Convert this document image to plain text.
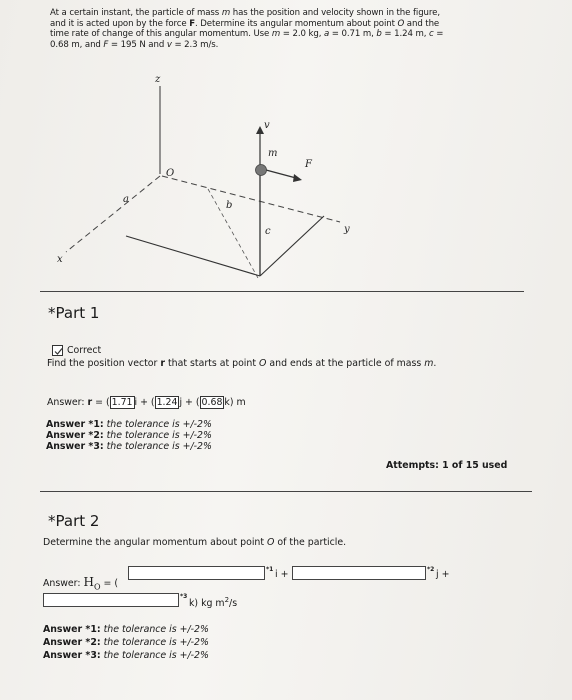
At a certain instant, the particle of mass m has the position and velocity shown in the figure,
and it is acted upon by the force F. Determine its angular momentum about point O and the
time rate of change of this angular momentum. Use m = 2.0 kg, a = 0.71 m, b = 1.24 m, c =
0.68 m, and F = 195 N and v = 2.3 m/s.
z
O
a
b
c
x
y
v
m
F
*Part 1
Correct
Find the position vector r that starts at point O and ends at the particle of mass m.
Answer: r = ( 1.71 i + ( 1.24 j + ( 0.68 k) m
Answer *1: the tolerance is +/-2%
Answer *2: the tolerance is +/-2%
Answer *3: the tolerance is +/-2%
Attempts: 1 of 15 used
*Part 2
Determine the angular momentum about point O of the particle.
Answer: $H_O$ = (
*1 i +	*2 j +
*3
k) kg $m^2/s$
Answer *1: the tolerance is +/-2%
Answer *2: the tolerance is +/-2%
Answer *3: the tolerance is +/-2%
